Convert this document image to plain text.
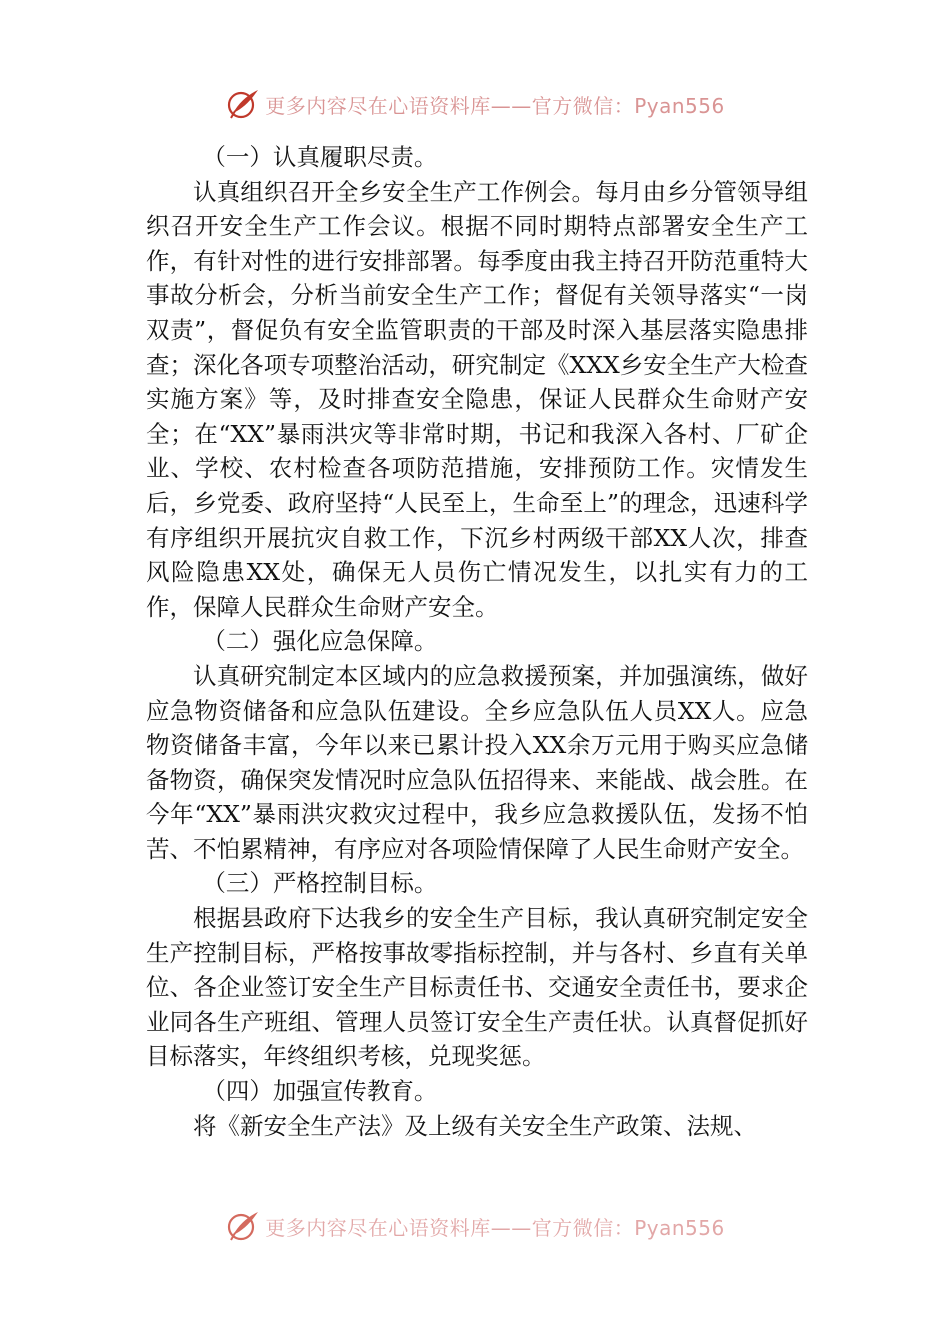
更多内容尽在心语资料库——官方微信：Pyan556
（一）认真履职尽责。

认真组织召开全乡安全生产工作例会。每月由乡分管领导组织召开安全生产工作会议。根据不同时期特点部署安全生产工作，有针对性的进行安排部署。每季度由我主持召开防范重特大事故分析会，分析当前安全生产工作；督促有关领导落实“一岗双责”，督促负有安全监管职责的干部及时深入基层落实隐患排查；深化各项专项整治活动，研究制定《XXX乡安全生产大检查实施方案》等，及时排查安全隐患，保证人民群众生命财产安全；在“XX”暴雨洪灾等非常时期，书记和我深入各村、厂矿企业、学校、农村检查各项防范措施，安排预防工作。灾情发生后，乡党委、政府坚持“人民至上，生命至上”的理念，迅速科学有序组织开展抗灾自救工作，下沉乡村两级干部XX人次，排查风险隐患XX处，确保无人员伤亡情况发生，以扎实有力的工作，保障人民群众生命财产安全。

（二）强化应急保障。

认真研究制定本区域内的应急救援预案，并加强演练，做好应急物资储备和应急队伍建设。全乡应急队伍人员XX人。应急物资储备丰富，今年以来已累计投入XX余万元用于购买应急储备物资，确保突发情况时应急队伍招得来、来能战、战会胜。在今年“XX”暴雨洪灾救灾过程中，我乡应急救援队伍，发扬不怕苦、不怕累精神，有序应对各项险情保障了人民生命财产安全。

（三）严格控制目标。

根据县政府下达我乡的安全生产目标，我认真研究制定安全生产控制目标，严格按事故零指标控制，并与各村、乡直有关单位、各企业签订安全生产目标责任书、交通安全责任书，要求企业同各生产班组、管理人员签订安全生产责任状。认真督促抓好目标落实，年终组织考核，兑现奖惩。

（四）加强宣传教育。

将《新安全生产法》及上级有关安全生产政策、法规、

更多内容尽在心语资料库——官方微信：Pyan556
